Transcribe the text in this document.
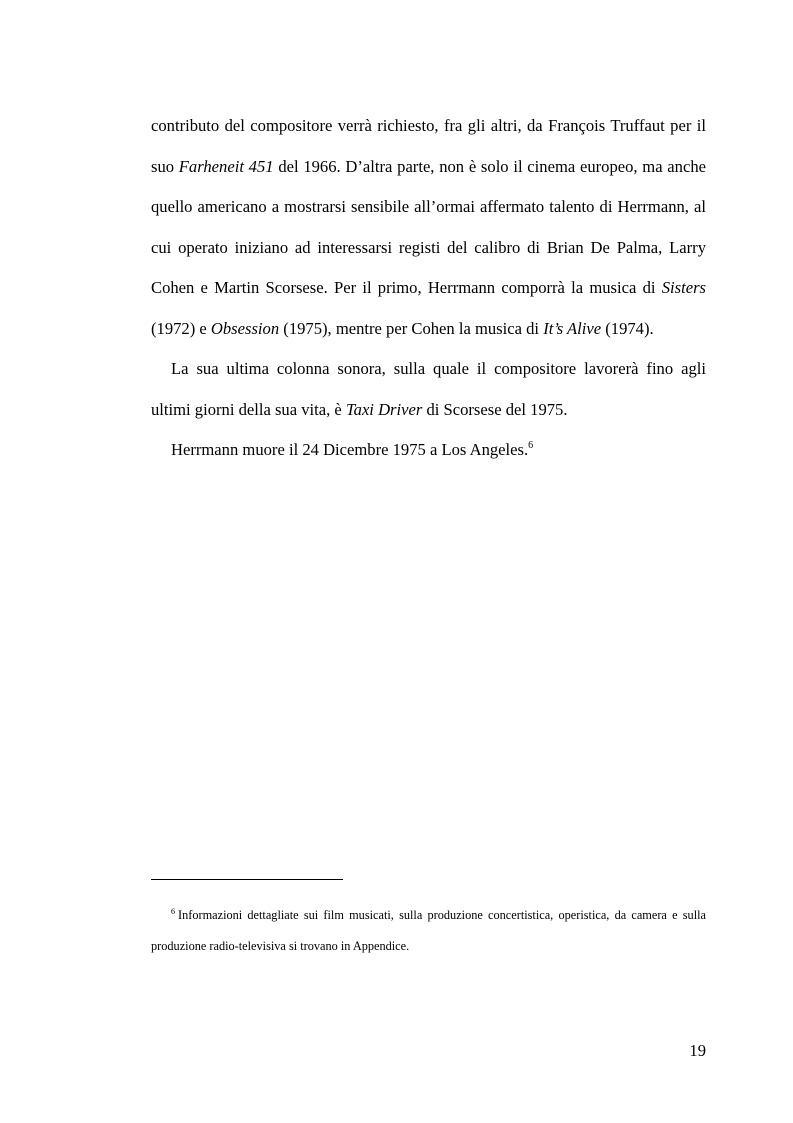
contributo del compositore verrà richiesto, fra gli altri, da François Truffaut per il suo Farheneit 451 del 1966. D’altra parte, non è solo il cinema europeo, ma anche quello americano a mostrarsi sensibile all’ormai affermato talento di Herrmann, al cui operato iniziano ad interessarsi registi del calibro di Brian De Palma, Larry Cohen e Martin Scorsese. Per il primo, Herrmann comporrà la musica di Sisters (1972) e Obsession (1975), mentre per Cohen la musica di It’s Alive (1974).

La sua ultima colonna sonora, sulla quale il compositore lavorerà fino agli ultimi giorni della sua vita, è Taxi Driver di Scorsese del 1975.

Herrmann muore il 24 Dicembre 1975 a Los Angeles.$^6$

$^6$ Informazioni dettagliate sui film musicati, sulla produzione concertistica, operistica, da camera e sulla produzione radio-televisiva si trovano in Appendice.
19
